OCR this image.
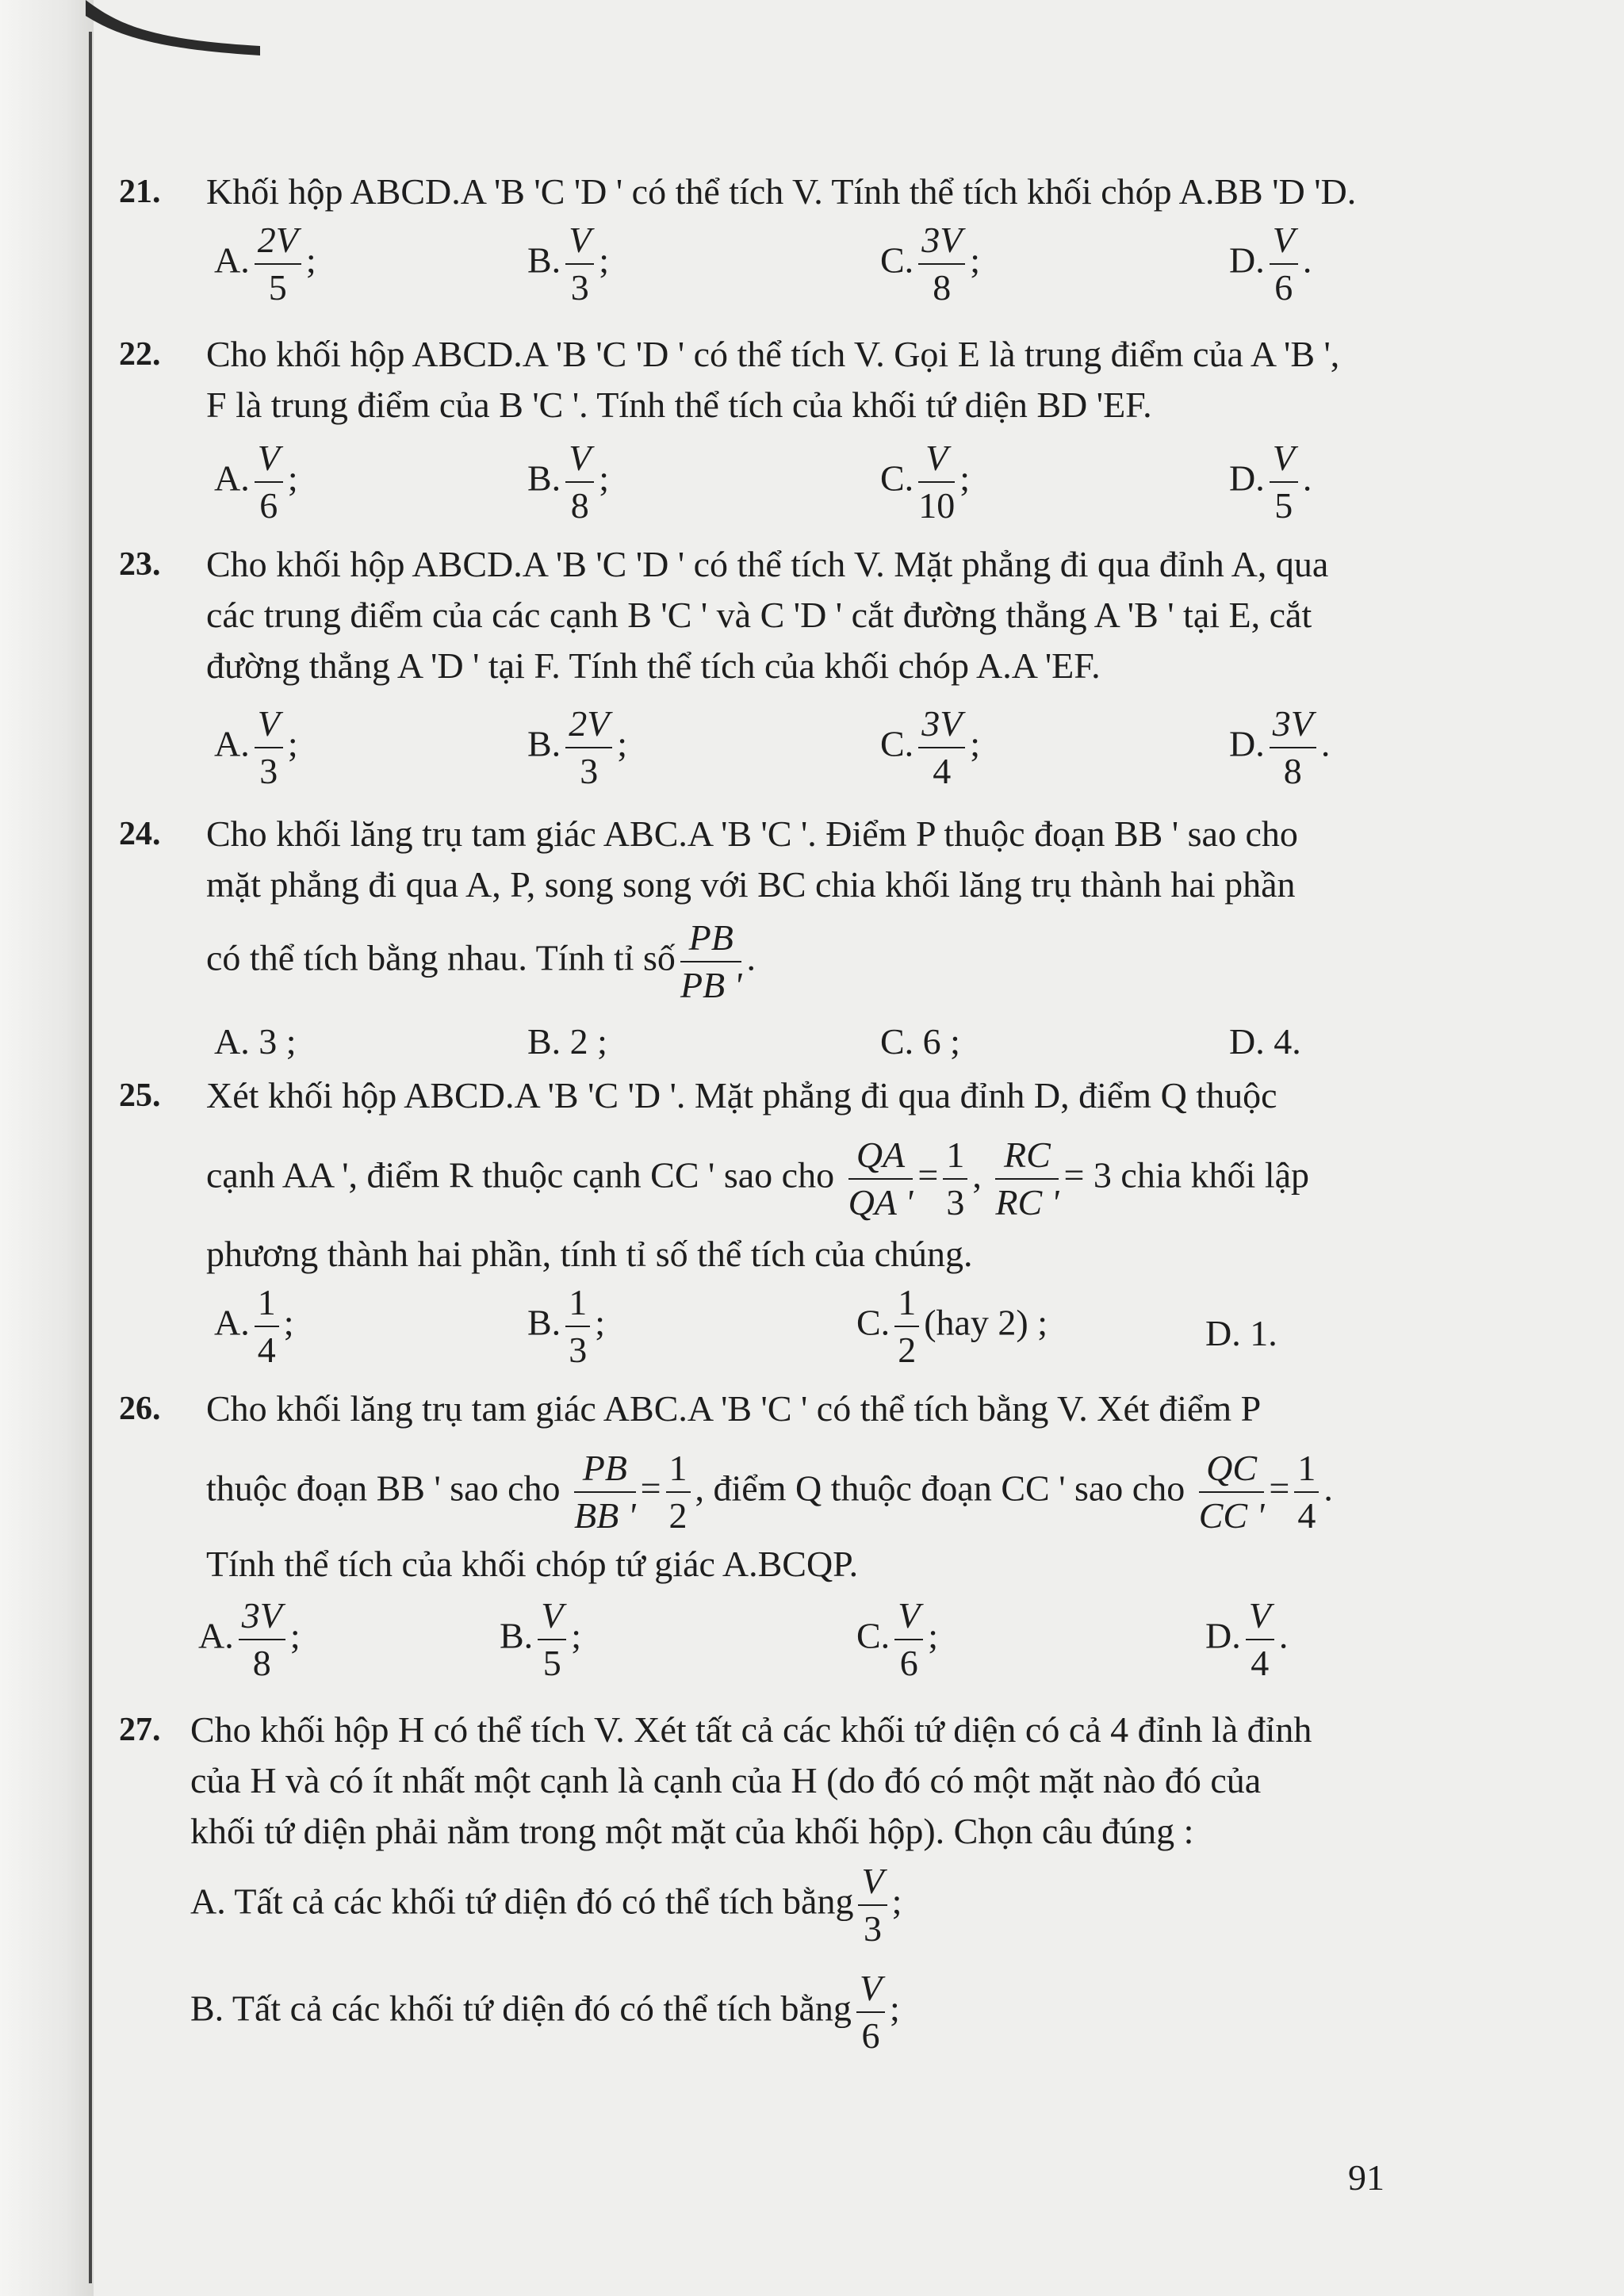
21. Khối hộp ABCD.A 'B 'C 'D ' có thể tích V. Tính thể tích khối chóp A.BB 'D 'D.
A. $\frac{2V}{5}$ ;	B. $\frac{V}{3}$ ;	C. $\frac{3V}{8}$ ;	D. $\frac{V}{6}$ .
22. Cho khối hộp ABCD.A 'B 'C 'D ' có thể tích V. Gọi E là trung điểm của A 'B ',
F là trung điểm của B 'C '. Tính thể tích của khối tứ diện BD 'EF.
A. $\frac{V}{6}$ ;	B. $\frac{V}{8}$ ;	C. $\frac{V}{10}$ ;	D. $\frac{V}{5}$ .
23. Cho khối hộp ABCD.A 'B 'C 'D ' có thể tích V. Mặt phẳng đi qua đỉnh A, qua
các trung điểm của các cạnh B 'C ' và C 'D ' cắt đường thẳng A 'B ' tại E, cắt
đường thẳng A 'D ' tại F. Tính thể tích của khối chóp A.A 'EF.
A. $\frac{V}{3}$ ;	B. $\frac{2V}{3}$ ;	C. $\frac{3V}{4}$ ;	D. $\frac{3V}{8}$ .
24. Cho khối lăng trụ tam giác ABC.A 'B 'C '. Điểm P thuộc đoạn BB ' sao cho
mặt phẳng đi qua A, P, song song với BC chia khối lăng trụ thành hai phần
có thể tích bằng nhau. Tính tỉ số $\frac{PB}{PB '}$ .
A. 3 ;	B. 2 ;	C. 6 ;	D. 4.
25. Xét khối hộp ABCD.A 'B 'C 'D '. Mặt phẳng đi qua đỉnh D, điểm Q thuộc
cạnh AA ', điểm R thuộc cạnh CC ' sao cho $\frac{QA}{QA '} = \frac{1}{3}$ , $\frac{RC}{RC '} = 3$ chia khối lập
phương thành hai phần, tính tỉ số thể tích của chúng.
A. $\frac{1}{4}$ ;	B. $\frac{1}{3}$ ;	C. $\frac{1}{2} (hay$ 2) ;	D. 1.
26. Cho khối lăng trụ tam giác ABC.A 'B 'C ' có thể tích bằng V. Xét điểm P
thuộc đoạn BB ' sao cho $\frac{PB}{BB '} = \frac{1}{2}$ , điểm Q thuộc đoạn CC ' sao cho $\frac{QC}{CC '} = \frac{1}{4}$ .
Tính thể tích của khối chóp tứ giác A.BCQP.
A. $\frac{3V}{8}$ ;	B. $\frac{V}{5}$ ;	C. $\frac{V}{6}$ ;	D. $\frac{V}{4}$ .
27. Cho khối hộp H có thể tích V. Xét tất cả các khối tứ diện có cả 4 đỉnh là đỉnh
của H và có ít nhất một cạnh là cạnh của H (do đó có một mặt nào đó của
khối tứ diện phải nằm trong một mặt của khối hộp). Chọn câu đúng :
A. Tất cả các khối tứ diện đó có thể tích bằng $\frac{V}{3}$ ;
B. Tất cả các khối tứ diện đó có thể tích bằng $\frac{V}{6}$ ;
91
